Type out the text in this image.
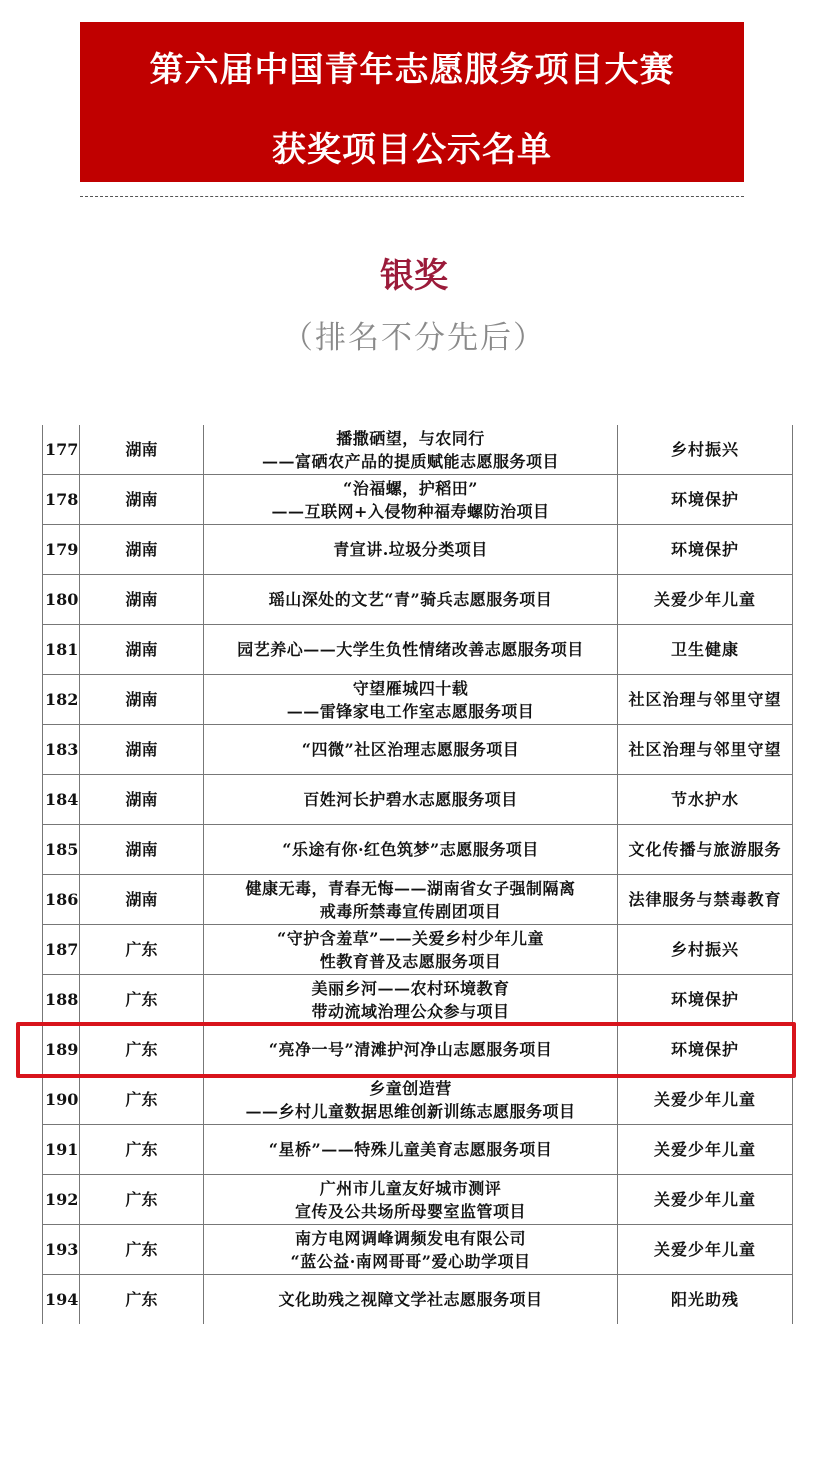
第六届中国青年志愿服务项目大赛
获奖项目公示名单
银奖
（排名不分先后）
177	湖南	播撒硒望，与农同行
——富硒农产品的提质赋能志愿服务项目	乡村振兴
178	湖南	“治福螺，护稻田”
——互联网+入侵物种福寿螺防治项目	环境保护
179	湖南	青宣讲.垃圾分类项目	环境保护
180	湖南	瑶山深处的文艺“青”骑兵志愿服务项目	关爱少年儿童
181	湖南	园艺养心——大学生负性情绪改善志愿服务项目	卫生健康
182	湖南	守望雁城四十载
——雷锋家电工作室志愿服务项目	社区治理与邻里守望
183	湖南	“四微”社区治理志愿服务项目	社区治理与邻里守望
184	湖南	百姓河长护碧水志愿服务项目	节水护水
185	湖南	“乐途有你·红色筑梦”志愿服务项目	文化传播与旅游服务
186	湖南	健康无毒，青春无悔——湖南省女子强制隔离
戒毒所禁毒宣传剧团项目	法律服务与禁毒教育
187	广东	“守护含羞草”——关爱乡村少年儿童
性教育普及志愿服务项目	乡村振兴
188	广东	美丽乡河——农村环境教育
带动流域治理公众参与项目	环境保护
189	广东	“亮净一号”清滩护河净山志愿服务项目	环境保护
190	广东	乡童创造营
——乡村儿童数据思维创新训练志愿服务项目	关爱少年儿童
191	广东	“星桥”——特殊儿童美育志愿服务项目	关爱少年儿童
192	广东	广州市儿童友好城市测评
宣传及公共场所母婴室监管项目	关爱少年儿童
193	广东	南方电网调峰调频发电有限公司
“蓝公益·南网哥哥”爱心助学项目	关爱少年儿童
194	广东	文化助残之视障文学社志愿服务项目	阳光助残
